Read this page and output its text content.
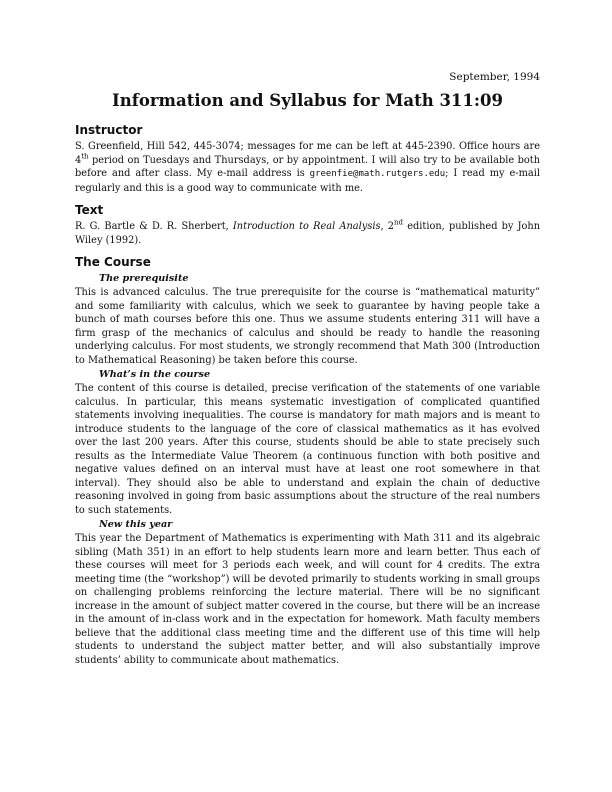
September, 1994

Information and Syllabus for Math 311:09
Instructor

S. Greenfield, Hill 542, 445-3074; messages for me can be left at 445-2390. Office hours are 4th period on Tuesdays and Thursdays, or by appointment. I will also try to be available both before and after class. My e-mail address is greenfie@math.rutgers.edu; I read my e-mail regularly and this is a good way to communicate with me.

Text

R. G. Bartle & D. R. Sherbert, Introduction to Real Analysis, 2nd edition, published by John Wiley (1992).

The Course
The prerequisite

This is advanced calculus. The true prerequisite for the course is “mathematical maturity” and some familiarity with calculus, which we seek to guarantee by having people take a bunch of math courses before this one. Thus we assume students entering 311 will have a firm grasp of the mechanics of calculus and should be ready to handle the reasoning underlying calculus. For most students, we strongly recommend that Math 300 (Introduction to Mathematical Reasoning) be taken before this course.

What’s in the course

The content of this course is detailed, precise verification of the statements of one variable calculus. In particular, this means systematic investigation of complicated quantified statements involving inequalities. The course is mandatory for math majors and is meant to introduce students to the language of the core of classical mathematics as it has evolved over the last 200 years. After this course, students should be able to state precisely such results as the Intermediate Value Theorem (a continuous function with both positive and negative values defined on an interval must have at least one root somewhere in that interval). They should also be able to understand and explain the chain of deductive reasoning involved in going from basic assumptions about the structure of the real numbers to such statements.

New this year

This year the Department of Mathematics is experimenting with Math 311 and its algebraic sibling (Math 351) in an effort to help students learn more and learn better. Thus each of these courses will meet for 3 periods each week, and will count for 4 credits. The extra meeting time (the “workshop”) will be devoted primarily to students working in small groups on challenging problems reinforcing the lecture material. There will be no significant increase in the amount of subject matter covered in the course, but there will be an increase in the amount of in-class work and in the expectation for homework. Math faculty members believe that the additional class meeting time and the different use of this time will help students to understand the subject matter better, and will also substantially improve students’ ability to communicate about mathematics.
